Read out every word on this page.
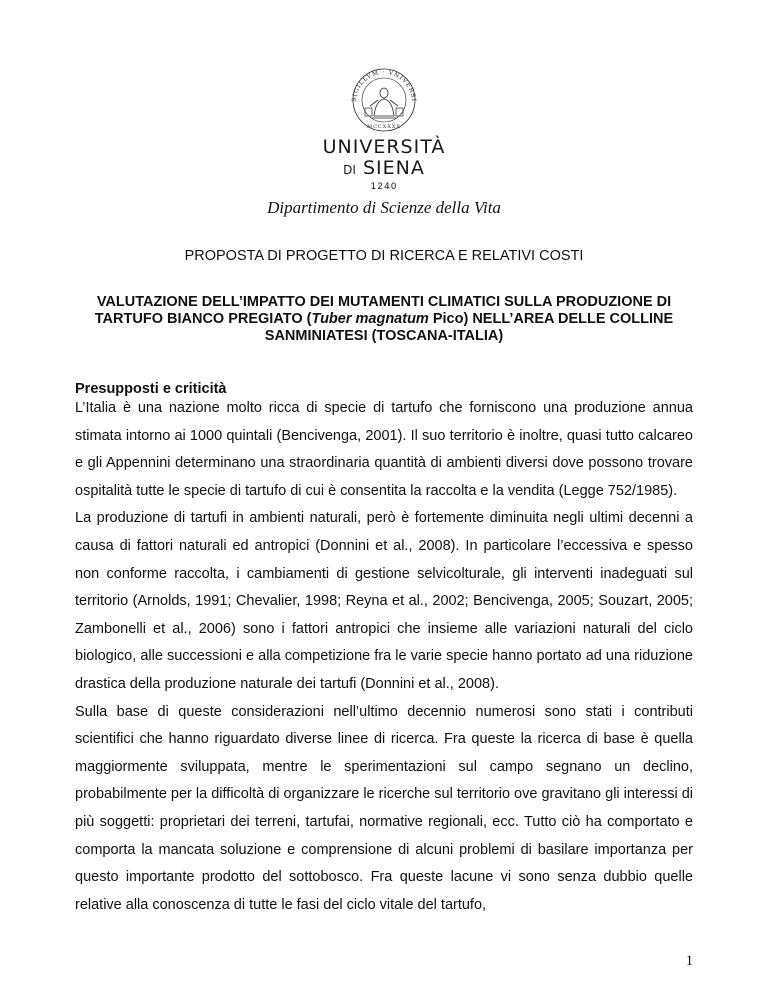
SIGILLVM · VNIVERSI
MCCXXXX
UNIVERSITÀ
DI SIENA
1240
Dipartimento di Scienze della Vita
PROPOSTA DI PROGETTO DI RICERCA E RELATIVI COSTI
VALUTAZIONE DELL’IMPATTO DEI MUTAMENTI CLIMATICI SULLA PRODUZIONE DI TARTUFO BIANCO PREGIATO (Tuber magnatum Pico) NELL’AREA DELLE COLLINE SANMINIATESI (TOSCANA-ITALIA)
Presupposti e criticità

L’Italia è una nazione molto ricca di specie di tartufo che forniscono una produzione annua stimata intorno ai 1000 quintali (Bencivenga, 2001). Il suo territorio è inoltre, quasi tutto calcareo e gli Appennini determinano una straordinaria quantità di ambienti diversi dove possono trovare ospitalità tutte le specie di tartufo di cui è consentita la raccolta e la vendita (Legge 752/1985).

La produzione di tartufi in ambienti naturali, però è fortemente diminuita negli ultimi decenni a causa di fattori naturali ed antropici (Donnini et al., 2008). In particolare l’eccessiva e spesso non conforme raccolta, i cambiamenti di gestione selvicolturale, gli interventi inadeguati sul territorio (Arnolds, 1991; Chevalier, 1998; Reyna et al., 2002; Bencivenga, 2005; Souzart, 2005; Zambonelli et al., 2006) sono i fattori antropici che insieme alle variazioni naturali del ciclo biologico, alle successioni e alla competizione fra le varie specie hanno portato ad una riduzione drastica della produzione naturale dei tartufi (Donnini et al., 2008).

Sulla base di queste considerazioni nell’ultimo decennio numerosi sono stati i contributi scientifici che hanno riguardato diverse linee di ricerca. Fra queste la ricerca di base è quella maggiormente sviluppata, mentre le sperimentazioni sul campo segnano un declino, probabilmente per la difficoltà di organizzare le ricerche sul territorio ove gravitano gli interessi di più soggetti: proprietari dei terreni, tartufai, normative regionali, ecc. Tutto ciò ha comportato e comporta la mancata soluzione e comprensione di alcuni problemi di basilare importanza per questo importante prodotto del sottobosco. Fra queste lacune vi sono senza dubbio quelle relative alla conoscenza di tutte le fasi del ciclo vitale del tartufo,

1
